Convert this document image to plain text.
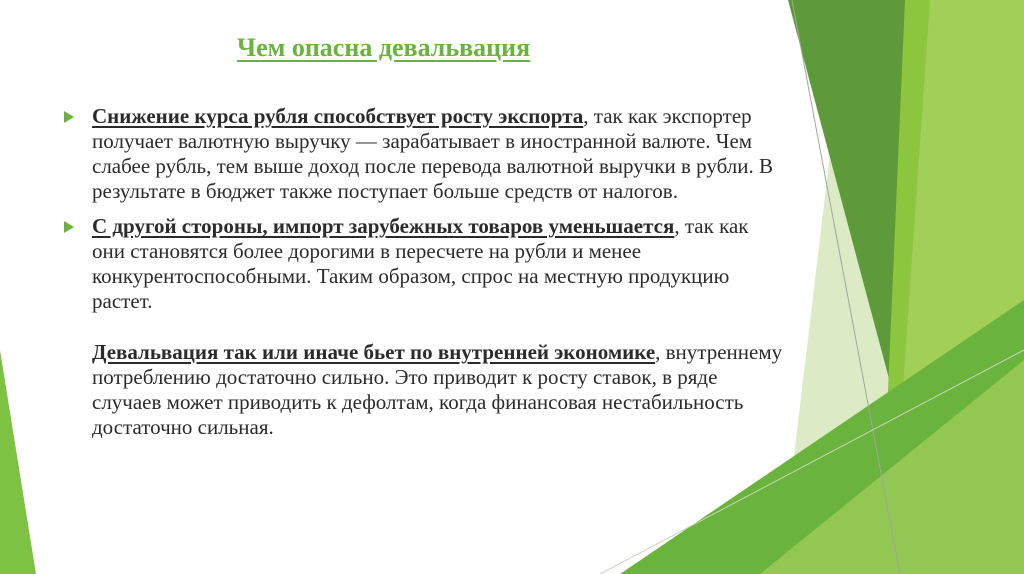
Чем опасна девальвация

Снижение курса рубля способствует росту экспорта, так как экспортер получает валютную выручку — зарабатывает в иностранной валюте. Чем слабее рубль, тем выше доход после перевода валютной выручки в рубли. В результате в бюджет также поступает больше средств от налогов.

С другой стороны, импорт зарубежных товаров уменьшается, так как они становятся более дорогими в пересчете на рубли и менее конкурентоспособными. Таким образом, спрос на местную продукцию растет.

Девальвация так или иначе бьет по внутренней экономике, внутреннему потреблению достаточно сильно. Это приводит к росту ставок, в ряде случаев может приводить к дефолтам, когда финансовая нестабильность достаточно сильная.
